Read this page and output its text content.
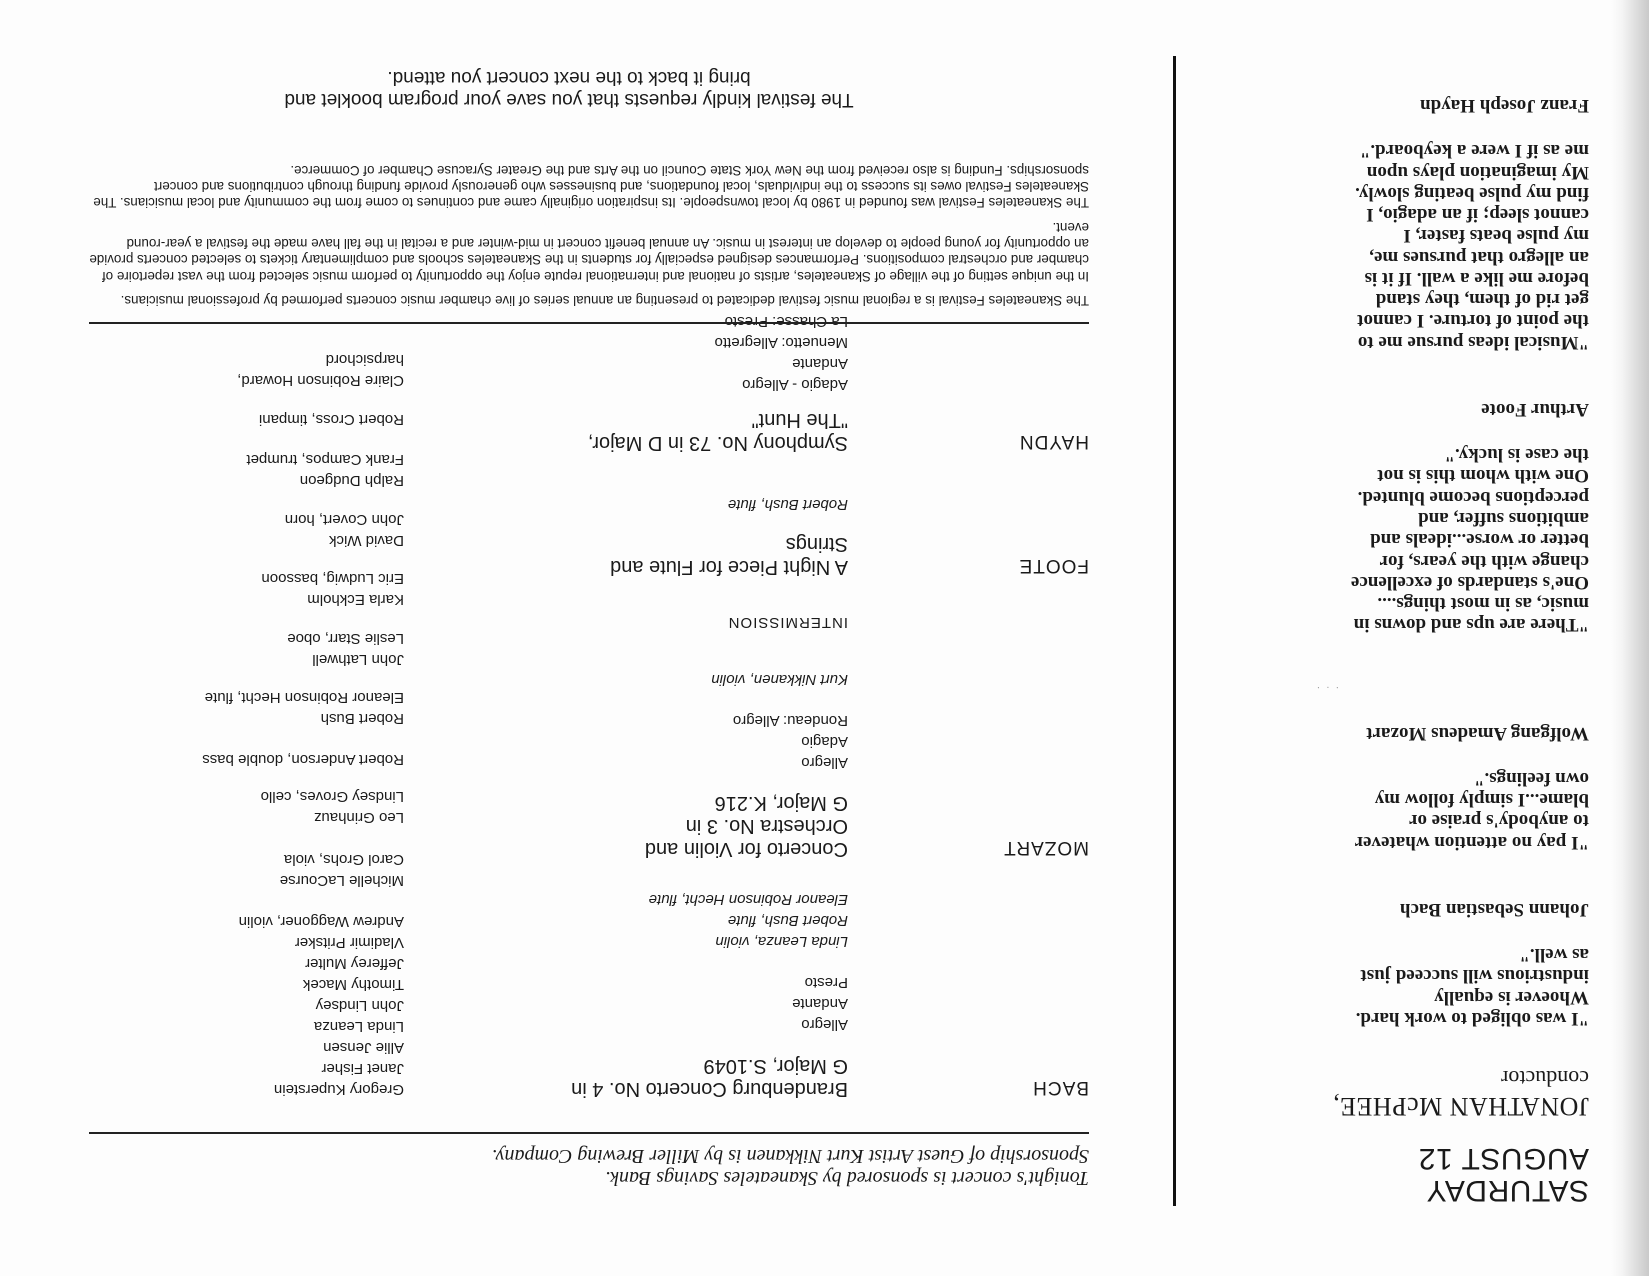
SATURDAY
AUGUST 12
JONATHAN McPHEE,
conductor
"I was obliged to work hard.
Whoever is equally
industrious will succeed just
as well."
Johann Sebastian Bach
"I pay no attention whatever
to anybody's praise or
blame...I simply follow my
own feelings."
Wolfgang Amadeus Mozart
· ∙ ·
"There are ups and downs in
music, as in most things....
One's standards of excellence
change with the years, for
better or worse...ideals and
ambitions suffer, and
perceptions become blunted.
One with whom this is not
the case is lucky."
Arthur Foote
"Musical ideas pursue me to
the point of torture. I cannot
get rid of them, they stand
before me like a wall. If it is
an allegro that pursues me,
my pulse beats faster, I
cannot sleep; if an adagio, I
find my pulse beating slowly.
My imagination plays upon
me as if I were a keyboard."
Franz Joseph Haydn
Tonight's concert is sponsored by Skaneateles Savings Bank.
Sponsorship of Guest Artist Kurt Nikkanen is by Miller Brewing Company.
BACH
Brandenburg Concerto No. 4 in
G Major, S.1049
Allegro
Andante
Presto
Linda Leanza, violin
Robert Bush, flute
Eleanor Robinson Hecht, flute
Gregory Kuperstein
Janet Fisher
Allie Jensen
Linda Leanza
John Lindsey
Timothy Macek
Jefferey Multer
Vladimir Pritsker
Andrew Waggoner, violin
Michelle LaCourse
Carol Grohs, viola
MOZART
Concerto for Violin and
Orchestra No. 3 in
G Major, K.216
Allegro
Adagio
Rondeau: Allegro
Kurt Nikkanen, violin
Leo Grinhauz
Lindsey Groves, cello
Robert Anderson, double bass
Robert Bush
Eleanor Robinson Hecht, flute
John Lathwell
Leslie Starr, oboe
INTERMISSION
FOOTE
A Night Piece for Flute and
Strings
Robert Bush, flute
Karla Eckholm
Eric Ludwig, bassoon
David Wick
John Covert, horn
Ralph Dudgeon
Frank Campos, trumpet
Robert Cross, timpani
HAYDN
Symphony No. 73 in D Major,
"The Hunt"
Adagio - Allegro
Andante
Menuetto: Allegretto
Claire Robinson Howard,
harpsichord

The Skaneateles Festival is a regional music festival dedicated to presenting an annual series of live chamber music concerts performed by professional musicians.

In the unique setting of the village of Skaneateles, artists of national and international repute enjoy the opportunity to perform music selected from the vast repertoire of chamber and orchestral compositions. Performances designed especially for students in the Skaneateles schools and complimentary tickets to selected concerts provide an opportunity for young people to develop an interest in music. An annual benefit concert in mid-winter and a recital in the fall have made the festival a year-round event.

The Skaneateles Festival was founded in 1980 by local townspeople. Its inspiration originally came and continues to come from the community and local musicians. The Skaneateles Festival owes its success to the individuals, local foundations, and businesses who generously provide funding through contributions and concert sponsorships. Funding is also received from the New York State Council on the Arts and the Greater Syracuse Chamber of Commerce.

The festival kindly requests that you save your program booklet and
bring it back to the next concert you attend.
